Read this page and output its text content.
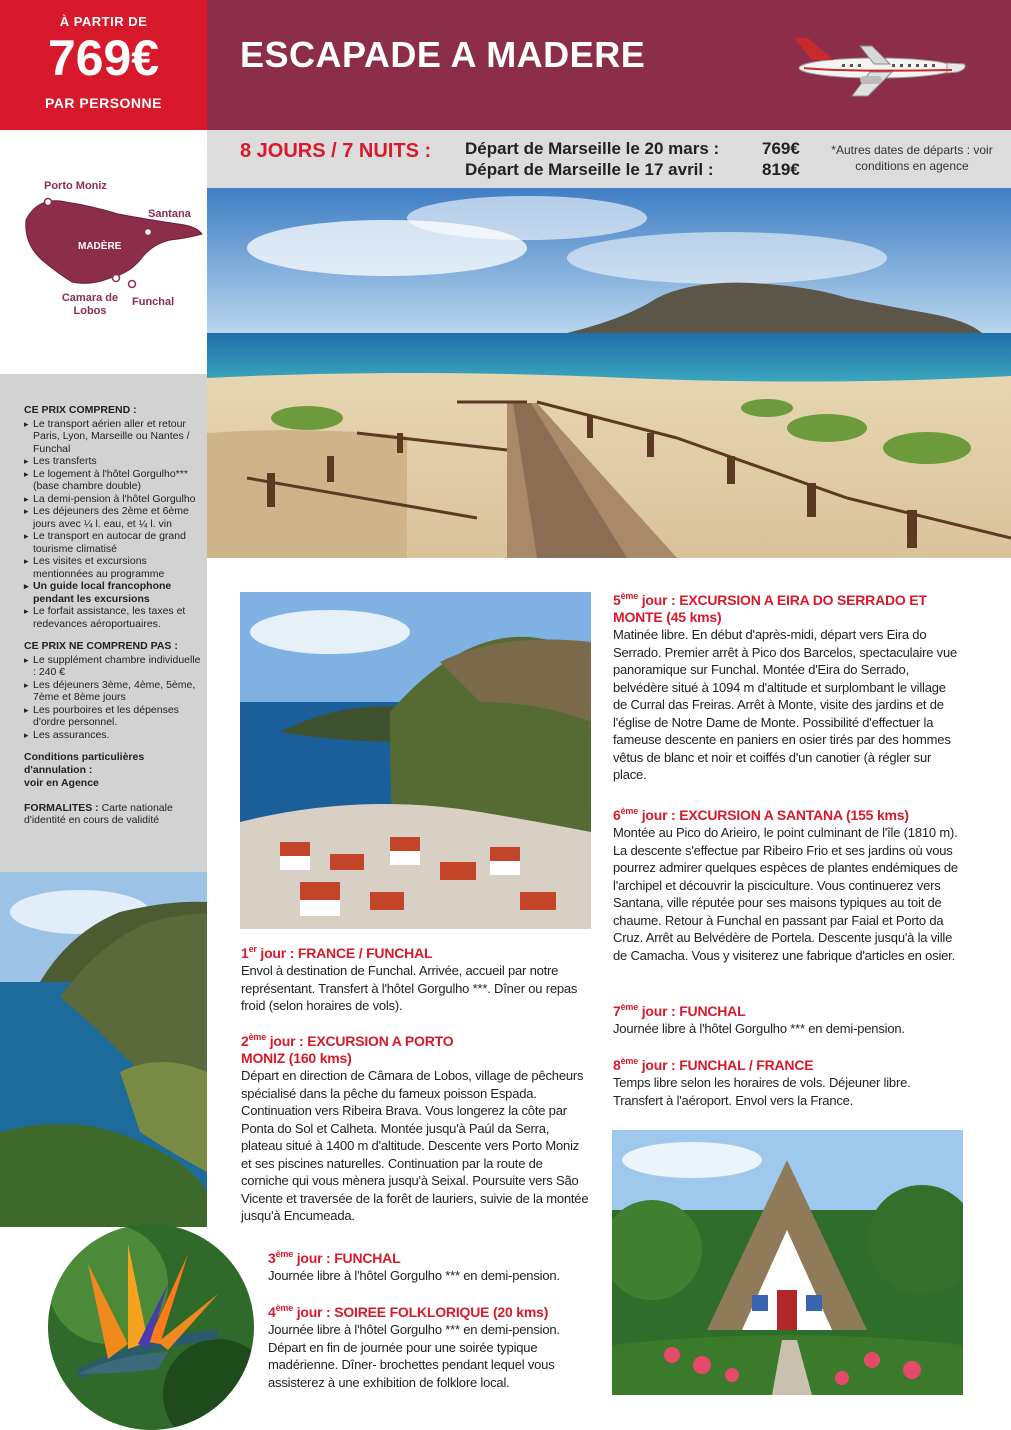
À PARTIR DE
769€
PAR PERSONNE
ESCAPADE A MADERE
8 JOURS / 7 NUITS : Départ de Marseille le 20 mars :	769€
Départ de Marseille le 17 avril :	819€
*Autres dates de départs : voir conditions en agence
Porto Moniz
Santana
MADÈRE
Camara de Lobos
Funchal
CE PRIX COMPREND :
▸ Le transport aérien aller et retour Paris, Lyon, Marseille ou Nantes / Funchal
▸ Les transferts
▸ Le logement à l'hôtel Gorgulho*** (base chambre double)
▸ La demi-pension à l'hôtel Gorgulho
▸ Les déjeuners des 2ème et 6ème jours avec ¼ l. eau, et ¼ l. vin
▸ Le transport en autocar de grand tourisme climatisé
▸ Les visites et excursions mentionnées au programme
▸ Un guide local francophone pendant les excursions
▸ Le forfait assistance, les taxes et redevances aéroportuaires.
CE PRIX NE COMPREND PAS :
▸ Le supplément chambre individuelle : 240 €
▸ Les déjeuners 3ème, 4ème, 5ème, 7ème et 8ème jours
▸ Les pourboires et les dépenses d'ordre personnel.
▸ Les assurances.
Conditions particulières d'annulation :
voir en Agence
FORMALITES : Carte nationale d'identité en cours de validité
1er jour : FRANCE / FUNCHAL

Envol à destination de Funchal. Arrivée, accueil par notre représentant. Transfert à l'hôtel Gorgulho ***. Dîner ou repas froid (selon horaires de vols).

2ème jour : EXCURSION A PORTO MONIZ (160 kms)

Départ en direction de Câmara de Lobos, village de pêcheurs spécialisé dans la pêche du fameux poisson Espada. Continuation vers Ribeira Brava. Vous longerez la côte par Ponta do Sol et Calheta. Montée jusqu'à Paúl da Serra, plateau situé à 1400 m d'altitude. Descente vers Porto Moniz et ses piscines naturelles. Continuation par la route de corniche qui vous mènera jusqu'à Seixal. Poursuite vers São Vicente et traversée de la forêt de lauriers, suivie de la montée jusqu'à Encumeada.

3ème jour : FUNCHAL

Journée libre à l'hôtel Gorgulho *** en demi-pension.

4ème jour : SOIREE FOLKLORIQUE (20 kms)

Journée libre à l'hôtel Gorgulho *** en demi-pension. Départ en fin de journée pour une soirée typique madérienne. Dîner- brochettes pendant lequel vous assisterez à une exhibition de folklore local.

5ème jour : EXCURSION A EIRA DO SERRADO ET MONTE (45 kms)

Matinée libre. En début d'après-midi, départ vers Eira do Serrado. Premier arrêt à Pico dos Barcelos, spectaculaire vue panoramique sur Funchal. Montée d'Eira do Serrado, belvédère situé à 1094 m d'altitude et surplombant le village de Curral das Freiras. Arrêt à Monte, visite des jardins et de l'église de Notre Dame de Monte. Possibilité d'effectuer la fameuse descente en paniers en osier tirés par des hommes vêtus de blanc et noir et coiffés d'un canotier (à régler sur place.

6ème jour : EXCURSION A SANTANA (155 kms)

Montée au Pico do Arieiro, le point culminant de l'île (1810 m). La descente s'effectue par Ribeiro Frio et ses jardins où vous pourrez admirer quelques espèces de plantes endémiques de l'archipel et découvrir la pisciculture. Vous continuerez vers Santana, ville réputée pour ses maisons typiques au toit de chaume. Retour à Funchal en passant par Faial et Porto da Cruz. Arrêt au Belvédère de Portela. Descente jusqu'à la ville de Camacha. Vous y visiterez une fabrique d'articles en osier.

7ème jour : FUNCHAL

Journée libre à l'hôtel Gorgulho *** en demi-pension.

8ème jour : FUNCHAL / FRANCE

Temps libre selon les horaires de vols. Déjeuner libre. Transfert à l'aéroport. Envol vers la France.
